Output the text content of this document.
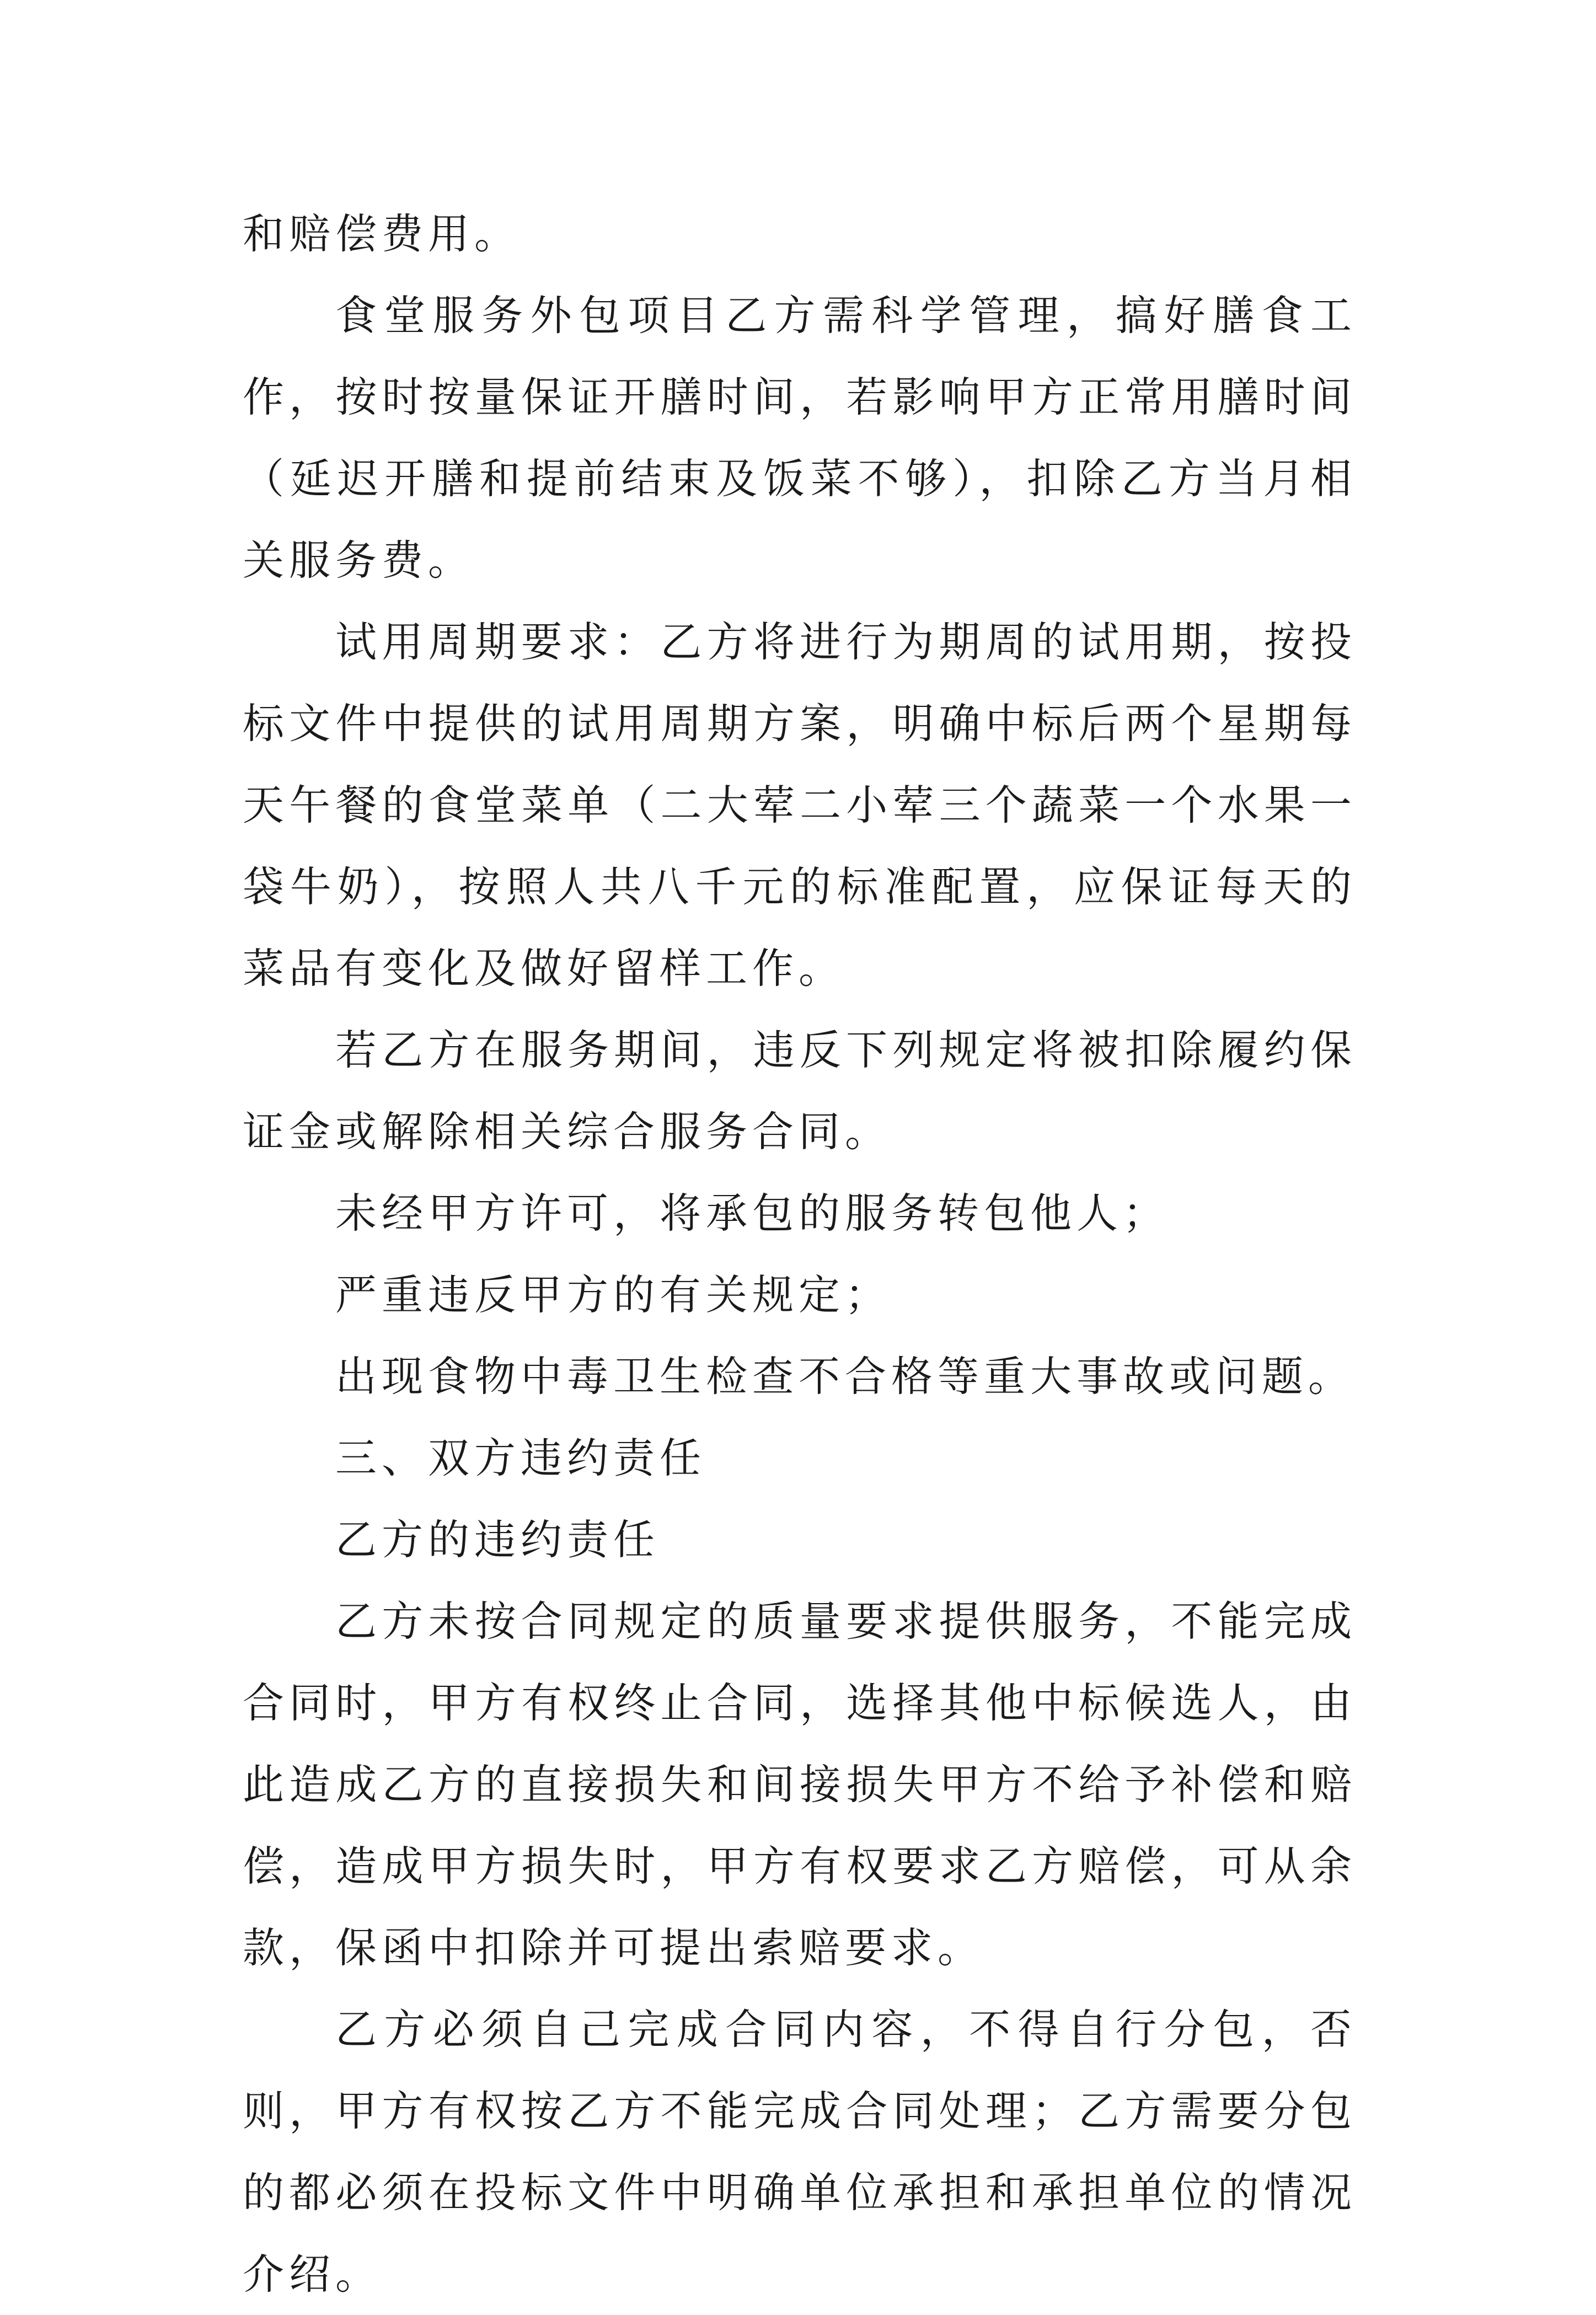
和赔偿费用。

食堂服务外包项目乙方需科学管理，搞好膳食工作，按时按量保证开膳时间，若影响甲方正常用膳时间（延迟开膳和提前结束及饭菜不够），扣除乙方当月相关服务费。

试用周期要求：乙方将进行为期周的试用期，按投标文件中提供的试用周期方案，明确中标后两个星期每天午餐的食堂菜单（二大荤二小荤三个蔬菜一个水果一袋牛奶），按照人共八千元的标准配置，应保证每天的菜品有变化及做好留样工作。

若乙方在服务期间，违反下列规定将被扣除履约保证金或解除相关综合服务合同。

未经甲方许可，将承包的服务转包他人；

严重违反甲方的有关规定；

出现食物中毒卫生检查不合格等重大事故或问题。

三、双方违约责任

乙方的违约责任

乙方未按合同规定的质量要求提供服务，不能完成合同时，甲方有权终止合同，选择其他中标候选人，由此造成乙方的直接损失和间接损失甲方不给予补偿和赔偿，造成甲方损失时，甲方有权要求乙方赔偿，可从余款，保函中扣除并可提出索赔要求。

乙方必须自己完成合同内容，不得自行分包，否则，甲方有权按乙方不能完成合同处理；乙方需要分包的都必须在投标文件中明确单位承担和承担单位的情况介绍。
